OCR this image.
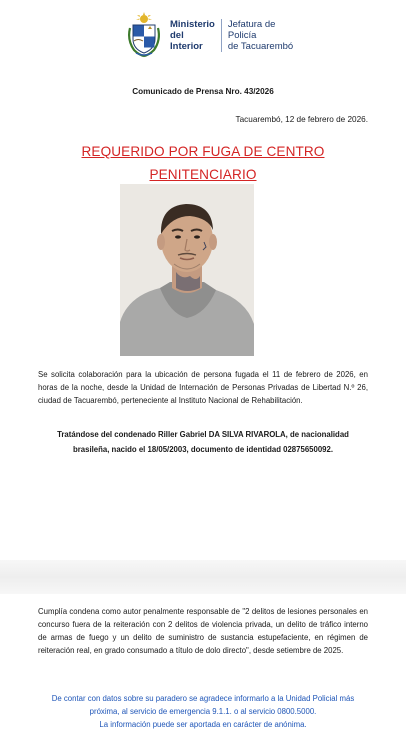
Ministerio
del Interior
Jefatura de Policía
de Tacuarembó
Comunicado de Prensa Nro. 43/2026
Tacuarembó, 12 de febrero de 2026.
REQUERIDO POR FUGA DE CENTRO
PENITENCIARIO
Se solicita colaboración para la ubicación de persona fugada el 11 de febrero de 2026, en horas de la noche, desde la Unidad de Internación de Personas Privadas de Libertad N.º 26, ciudad de Tacuarembó, perteneciente al Instituto Nacional de Rehabilitación.
Tratándose del condenado Riller Gabriel DA SILVA RIVAROLA, de nacionalidad brasileña, nacido el 18/05/2003, documento de identidad 02875650092.
Cumplía condena como autor penalmente responsable de "2 delitos de lesiones personales en concurso fuera de la reiteración con 2 delitos de violencia privada, un delito de tráfico interno de armas de fuego y un delito de suministro de sustancia estupefaciente, en régimen de reiteración real, en grado consumado a título de dolo directo", desde setiembre de 2025.
De contar con datos sobre su paradero se agradece informarlo a la Unidad Policial más próxima, al servicio de emergencia 9.1.1. o al servicio 0800.5000.
La información puede ser aportada en carácter de anónima.
